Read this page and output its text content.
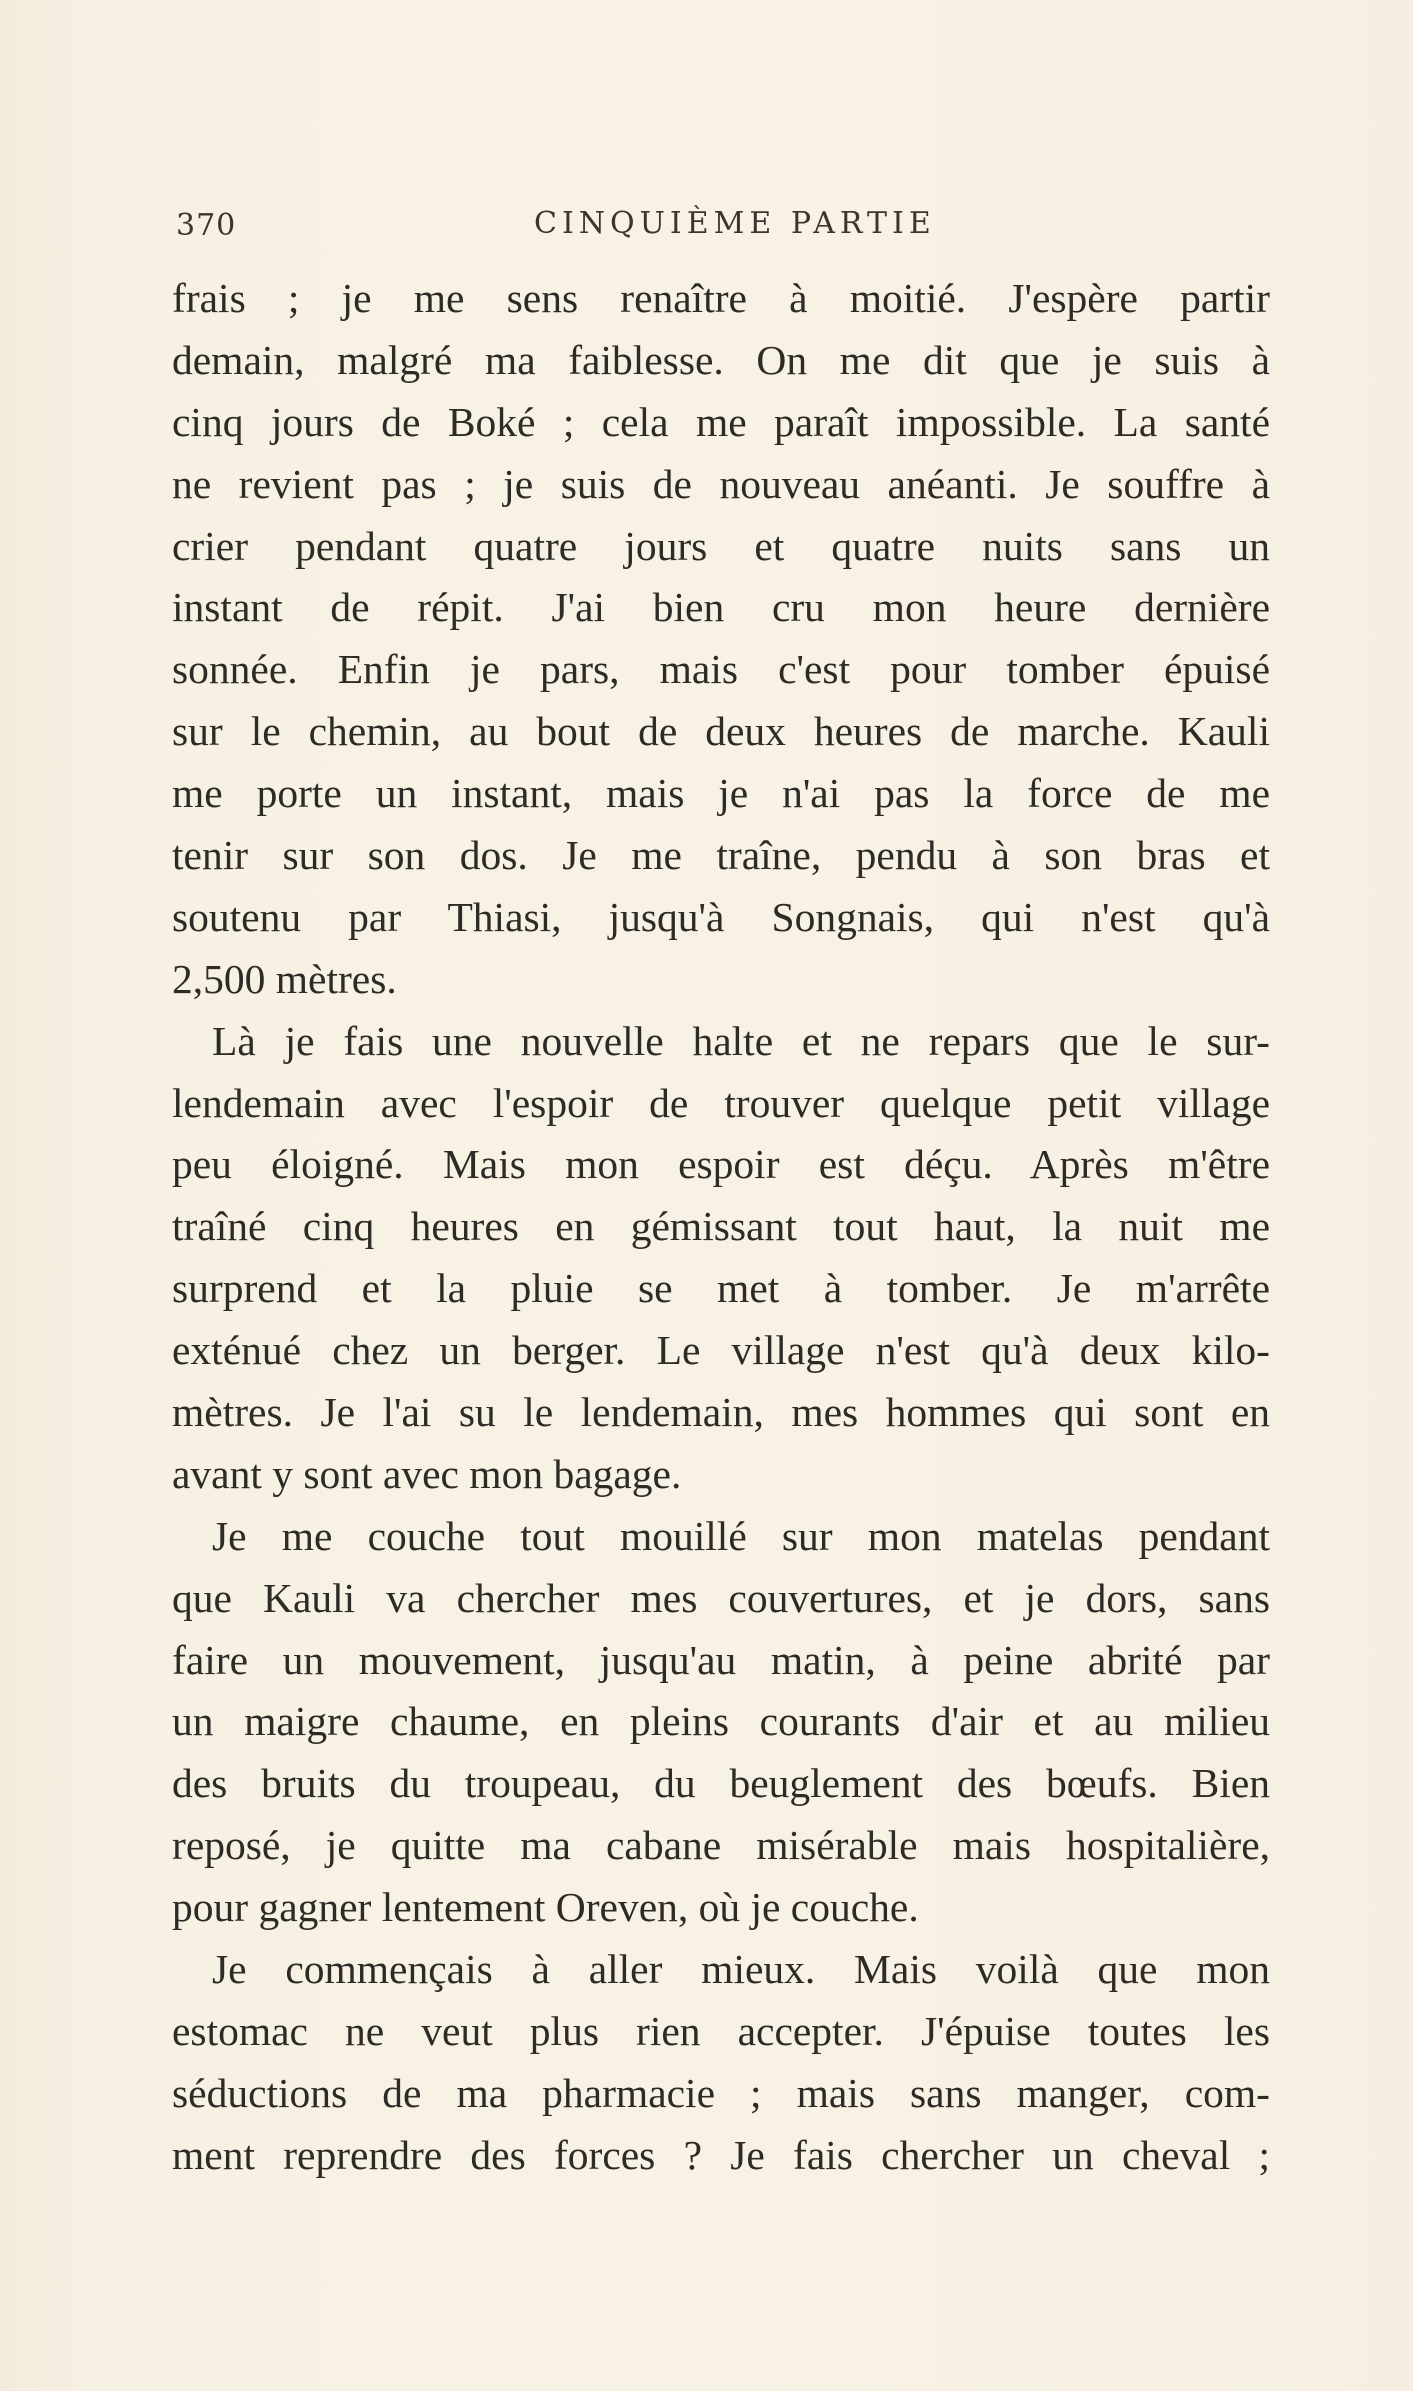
370	CINQUIÈME PARTIE
frais ; je me sens renaître à moitié. J'espère partir
demain, malgré ma faiblesse. On me dit que je suis à
cinq jours de Boké ; cela me paraît impossible. La santé
ne revient pas ; je suis de nouveau anéanti. Je souffre à
crier pendant quatre jours et quatre nuits sans un
instant de répit. J'ai bien cru mon heure dernière
sonnée. Enfin je pars, mais c'est pour tomber épuisé
sur le chemin, au bout de deux heures de marche. Kauli
me porte un instant, mais je n'ai pas la force de me
tenir sur son dos. Je me traîne, pendu à son bras et
soutenu par Thiasi, jusqu'à Songnais, qui n'est qu'à
2,500 mètres.
Là je fais une nouvelle halte et ne repars que le sur-
lendemain avec l'espoir de trouver quelque petit village
peu éloigné. Mais mon espoir est déçu. Après m'être
traîné cinq heures en gémissant tout haut, la nuit me
surprend et la pluie se met à tomber. Je m'arrête
exténué chez un berger. Le village n'est qu'à deux kilo-
mètres. Je l'ai su le lendemain, mes hommes qui sont en
avant y sont avec mon bagage.
Je me couche tout mouillé sur mon matelas pendant
que Kauli va chercher mes couvertures, et je dors, sans
faire un mouvement, jusqu'au matin, à peine abrité par
un maigre chaume, en pleins courants d'air et au milieu
des bruits du troupeau, du beuglement des bœufs. Bien
reposé, je quitte ma cabane misérable mais hospitalière,
pour gagner lentement Oreven, où je couche.
Je commençais à aller mieux. Mais voilà que mon
estomac ne veut plus rien accepter. J'épuise toutes les
séductions de ma pharmacie ; mais sans manger, com-
ment reprendre des forces ? Je fais chercher un cheval ;
